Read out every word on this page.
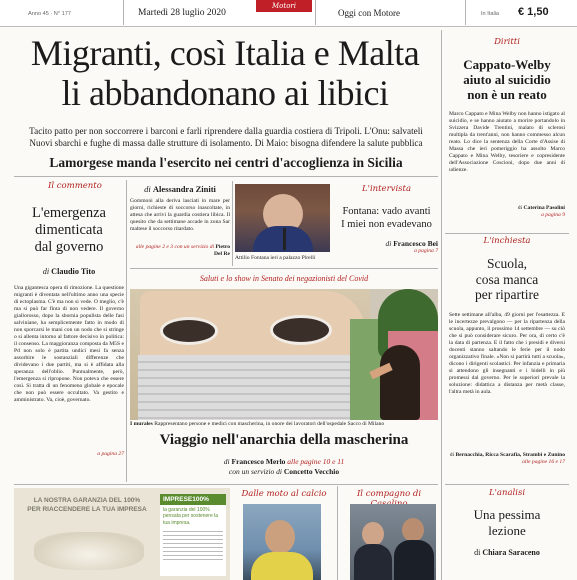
Anno 45 · N° 177	Martedì 28 luglio 2020
Motori
Oggi con Motore	In Italia € 1,50
Migranti, così Italia e Malta
li abbandonano ai libici
Tacito patto per non soccorrere i barconi e farli riprendere dalla guardia costiera di Tripoli. L'Onu: salvateli
Nuovi sbarchi e fughe di massa dalle strutture di isolamento. Di Maio: bisogna difendere la salute pubblica
Lamorgese manda l'esercito nei centri d'accoglienza in Sicilia
Diritti
Cappato-Welby
aiuto al suicidio
non è un reato
Marco Cappato e Mina Welby non hanno istigato al suicidio, e se hanno aiutato a morire portandolo in Svizzera Davide Trentini, malato di sclerosi multipla da trent'anni, non hanno commesso alcun reato. Lo dice la sentenza della Corte d'Assise di Massa che ieri pomeriggio ha assolto Marco Cappato e Mina Welby, tesoriere e copresidente dell'Associazione Coscioni, dopo due anni di udienze.
di Caterina Pasolini
a pagina 9
L'inchiesta
Scuola,
cosa manca
per ripartire
Sette settimane all'alba, 49 giorni per l'esattezza. E le incertezze prevalgono — per la ripartenza della scuola, appunto, il prossimo 14 settembre — su ciò che si può considerare sicuro. Per ora, di certo c'è la data di partenza. E il fatto che i presidi e diversi docenti stanno saltando le ferie per il nodo organizzativo finale. «Non si partirà tutti a scuola», dicono i dirigenti scolastici. Per infanzia e primaria si attendono gli insegnanti e i bidelli in più promessi dal governo. Per le superiori prevale la soluzione: didattica a distanza per metà classe, l'altra metà in aula.
di Bernacchia, Ricca Scarafia, Strambi e Zunino
alle pagine 16 e 17
L'analisi
Una pessima
lezione
di Chiara Saraceno
Il commento
L'emergenza
dimenticata
dal governo
di Claudio Tito
Una gigantesca opera di rimozione. La questione migranti è diventata nell'ultimo anno una specie di ectoplasma. C'è ma non si vede. O meglio, c'è ma si può far finta di non vedere. Il governo giallorosso, dopo la sbornia populista delle fasi salviniane, ha semplicemente fatto in modo di non sporcarsi le mani con un nodo che si stringe o si allenta intorno al fattore decisivo in politica: il consenso. La maggioranza composta da M5S e Pd non solo è partita undici mesi fa senza assorbire le sostanziali differenze che dividevano i due partiti, ma si è affidata alla speranza dell'oblio. Puntualmente, però, l'emergenza si ripropone. Non poteva che essere così. Si tratta di un fenomeno globale e epocale che non può essere occultato. Va gestito e amministrato. Va, cioè, governato.
a pagina 27
di Alessandra Ziniti
Gommoni alla deriva lasciati in mare per giorni, richieste di soccorso inascoltate, in attesa che arrivi la guardia costiera libica. Il quesito che da settimane accade in zona Sar maltese il soccorso ritardato.
alle pagine 2 e 3 con un servizio di Pietro Del Re
Attilio Fontana ieri a palazzo Pirelli
L'intervista
Fontana: vado avanti
I miei non evadevano
di Francesco Bei
a pagina 7
Saluti e lo show in Senato dei negazionisti del Covid
I murales Rappresentano persone e medici con mascherina, in onore dei lavoratori dell'ospedale Sacco di Milano
Viaggio nell'anarchia della mascherina
di Francesco Merlo alle pagine 10 e 11
con un servizio di Concetto Vecchio
LA NOSTRA GARANZIA DEL 100%
PER RIACCENDERE LA TUA IMPRESA
IMPRESE100%
la garanzia del 100% pensata per sostenere la tua impresa.
Dalle moto al calcio	Il compagno di
